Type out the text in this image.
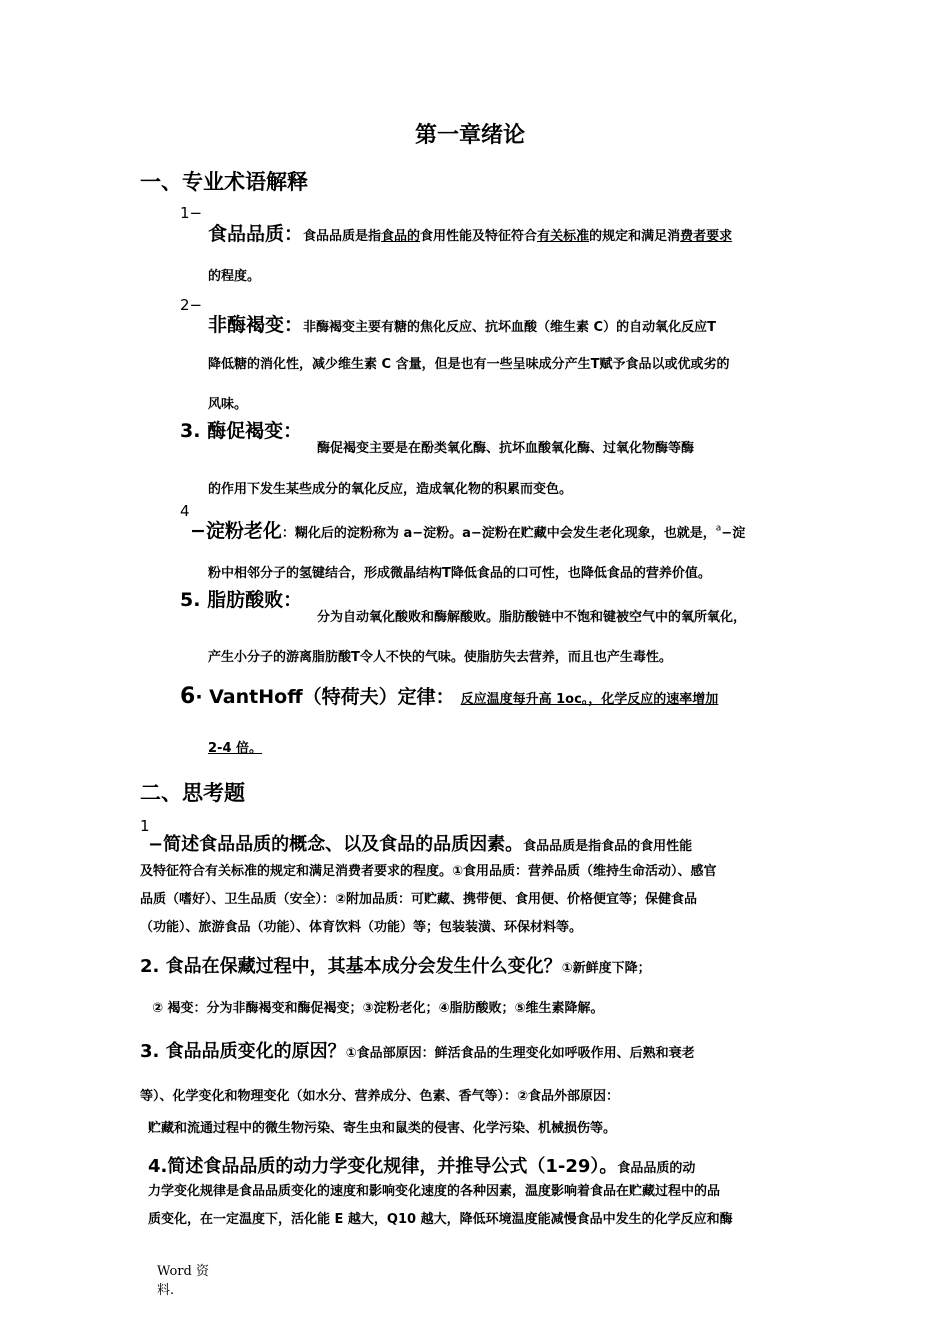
第一章绪论
一、专业术语解释
1−
食品品质：食品品质是指食品的食用性能及特征符合有关标准的规定和满足消费者要求
的程度。
2−
非酶褐变：非酶褐变主要有糖的焦化反应、抗坏血酸（维生素 C）的自动氧化反应T
降低糖的消化性，减少维生素 C 含量，但是也有一些呈味成分产生T赋予食品以或优或劣的
风味。
3. 酶促褐变：
酶促褐变主要是在酚类氧化酶、抗坏血酸氧化酶、过氧化物酶等酶
的作用下发生某些成分的氧化反应，造成氧化物的积累而变色。
4
−淀粉老化：糊化后的淀粉称为 a−淀粉。a−淀粉在贮藏中会发生老化现象，也就是，$^a$−淀
粉中相邻分子的氢键结合，形成微晶结构T降低食品的口可性，也降低食品的营养价值。
5. 脂肪酸败：
分为自动氧化酸败和酶解酸败。脂肪酸链中不饱和键被空气中的氧所氧化，
产生小分子的游离脂肪酸T令人不快的气味。使脂肪失去营养，而且也产生毒性。
6· VantHoff（特荷夫）定律： 反应温度每升高 1oc。，化学反应的速率增加
2-4 倍。
二、思考题
1
−简述食品品质的概念、以及食品的品质因素。食品品质是指食品的食用性能
及特征符合有关标准的规定和满足消费者要求的程度。①食用品质：营养品质（维持生命活动）、感官
品质（嗜好）、卫生品质（安全）：②附加品质：可贮藏、携带便、食用便、价格便宜等；保健食品
（功能）、旅游食品（功能）、体育饮料（功能）等；包装装潢、环保材料等。
2. 食品在保藏过程中，其基本成分会发生什么变化？①新鲜度下降；
② 褐变：分为非酶褐变和酶促褐变；③淀粉老化；④脂肪酸败；⑤维生素降解。
3. 食品品质变化的原因？①食品部原因：鲜活食品的生理变化如呼吸作用、后熟和衰老
等）、化学变化和物理变化（如水分、营养成分、色素、香气等）：②食品外部原因：
贮藏和流通过程中的微生物污染、寄生虫和鼠类的侵害、化学污染、机械损伤等。
4.简述食品品质的动力学变化规律，并推导公式（1-29）。食品品质的动
力学变化规律是食品品质变化的速度和影响变化速度的各种因素，温度影响着食品在贮藏过程中的品
质变化，在一定温度下，活化能 E 越大，Q10 越大，降低环境温度能减慢食品中发生的化学反应和酶
Word 资
料.
